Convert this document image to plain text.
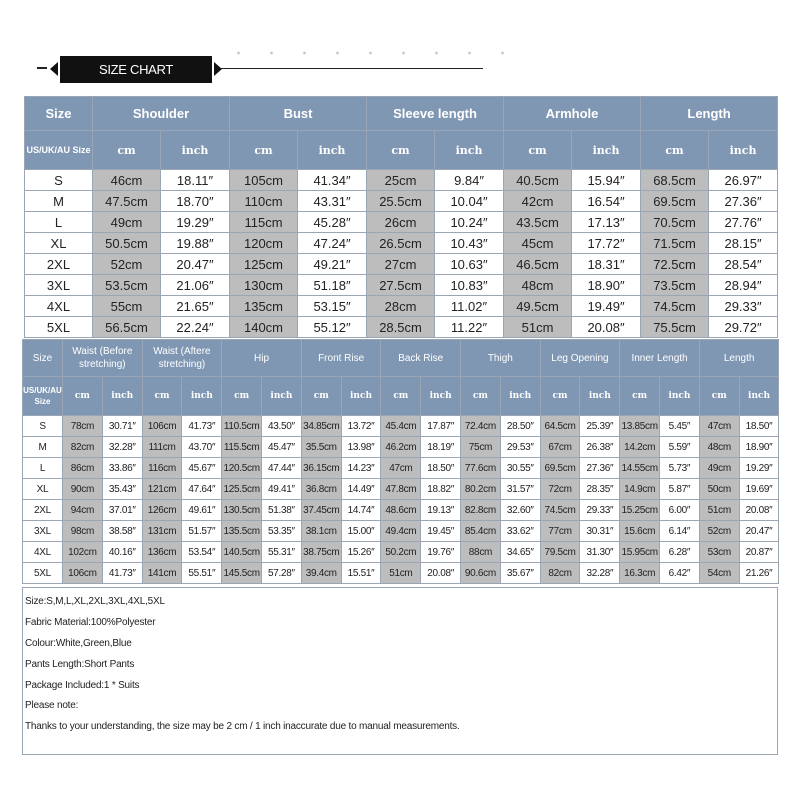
SIZE CHART
Size	Shoulder		Bust		Sleeve length		Armhole		Length	
US/UK/AU Size	cm	inch	cm	inch	cm	inch	cm	inch	cm	inch
S	46cm	18.11″	105cm	41.34″	25cm	9.84″	40.5cm	15.94″	68.5cm	26.97″
M	47.5cm	18.70″	110cm	43.31″	25.5cm	10.04″	42cm	16.54″	69.5cm	27.36″
L	49cm	19.29″	115cm	45.28″	26cm	10.24″	43.5cm	17.13″	70.5cm	27.76″
XL	50.5cm	19.88″	120cm	47.24″	26.5cm	10.43″	45cm	17.72″	71.5cm	28.15″
2XL	52cm	20.47″	125cm	49.21″	27cm	10.63″	46.5cm	18.31″	72.5cm	28.54″
3XL	53.5cm	21.06″	130cm	51.18″	27.5cm	10.83″	48cm	18.90″	73.5cm	28.94″
4XL	55cm	21.65″	135cm	53.15″	28cm	11.02″	49.5cm	19.49″	74.5cm	29.33″
5XL	56.5cm	22.24″	140cm	55.12″	28.5cm	11.22″	51cm	20.08″	75.5cm	29.72″
Size	Waist (Before stretching)		Waist (Aftere stretching)		Hip		Front Rise		Back Rise		Thigh		Leg Opening		Inner Length		Length	
US/UK/AU Size	cm	inch	cm	inch	cm	inch	cm	inch	cm	inch	cm	inch	cm	inch	cm	inch	cm	inch
S	78cm	30.71″	106cm	41.73″	110.5cm	43.50″	34.85cm	13.72″	45.4cm	17.87″	72.4cm	28.50″	64.5cm	25.39″	13.85cm	5.45″	47cm	18.50″
M	82cm	32.28″	111cm	43.70″	115.5cm	45.47″	35.5cm	13.98″	46.2cm	18.19″	75cm	29.53″	67cm	26.38″	14.2cm	5.59″	48cm	18.90″
L	86cm	33.86″	116cm	45.67″	120.5cm	47.44″	36.15cm	14.23″	47cm	18.50″	77.6cm	30.55″	69.5cm	27.36″	14.55cm	5.73″	49cm	19.29″
XL	90cm	35.43″	121cm	47.64″	125.5cm	49.41″	36.8cm	14.49″	47.8cm	18.82″	80.2cm	31.57″	72cm	28.35″	14.9cm	5.87″	50cm	19.69″
2XL	94cm	37.01″	126cm	49.61″	130.5cm	51.38″	37.45cm	14.74″	48.6cm	19.13″	82.8cm	32.60″	74.5cm	29.33″	15.25cm	6.00″	51cm	20.08″
3XL	98cm	38.58″	131cm	51.57″	135.5cm	53.35″	38.1cm	15.00″	49.4cm	19.45″	85.4cm	33.62″	77cm	30.31″	15.6cm	6.14″	52cm	20.47″
4XL	102cm	40.16″	136cm	53.54″	140.5cm	55.31″	38.75cm	15.26″	50.2cm	19.76″	88cm	34.65″	79.5cm	31.30″	15.95cm	6.28″	53cm	20.87″
5XL	106cm	41.73″	141cm	55.51″	145.5cm	57.28″	39.4cm	15.51″	51cm	20.08″	90.6cm	35.67″	82cm	32.28″	16.3cm	6.42″	54cm	21.26″
Size:S,M,L,XL,2XL,3XL,4XL,5XL
Fabric Material:100%Polyester
Colour:White,Green,Blue
Pants Length:Short Pants
Package Included:1 * Suits
Please note:
Thanks to your understanding, the size may be 2 cm / 1 inch inaccurate due to manual measurements.
